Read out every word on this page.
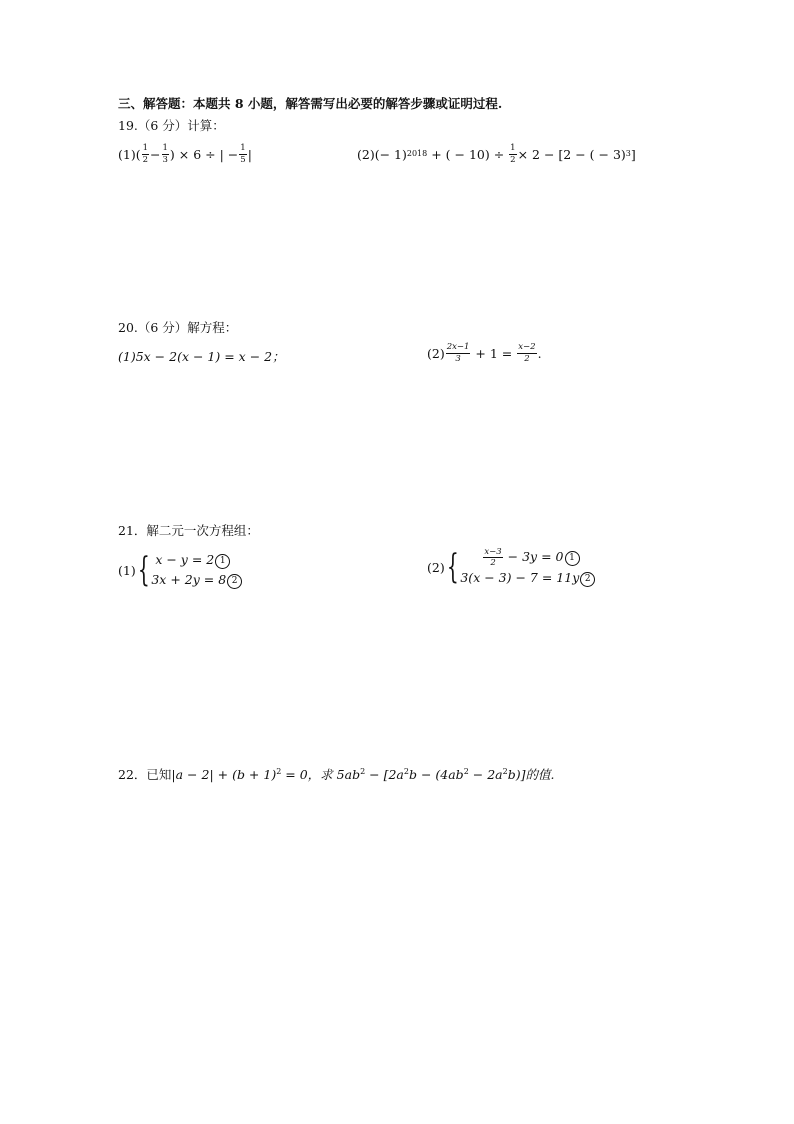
三、解答题：本题共 8 小题，解答需写出必要的解答步骤或证明过程.
19.（6 分）计算：
$(1)( \frac{1}{2} - \frac{1}{3}$ ) × 6 ÷ | − $\frac{1}{5}$ |	(2)( − 1) 2018 + ( − $10) \div \frac{1}{2} \times 2 - [2$ − ( − 3) 3 ]
20.（6 分）解方程：
(1)5x − 2(x − 1) = x − 2；	$(2) \frac{2x-1}{3} + 1 = \frac{x-2}{2}$ .
21．解二元一次方程组：
(1) { x − y = 2 1
3x + 2y = 8 2
(2) {	$\frac{x-3}{2} - 3y = 0$ 1
3(x − 3) − 7 = 11y 2
22．已知$|a - 2| + (b + 1)^2 = 0$，求 $5ab^2 - [2a^2b - (4ab^2 - 2a^2b)]$的值.
